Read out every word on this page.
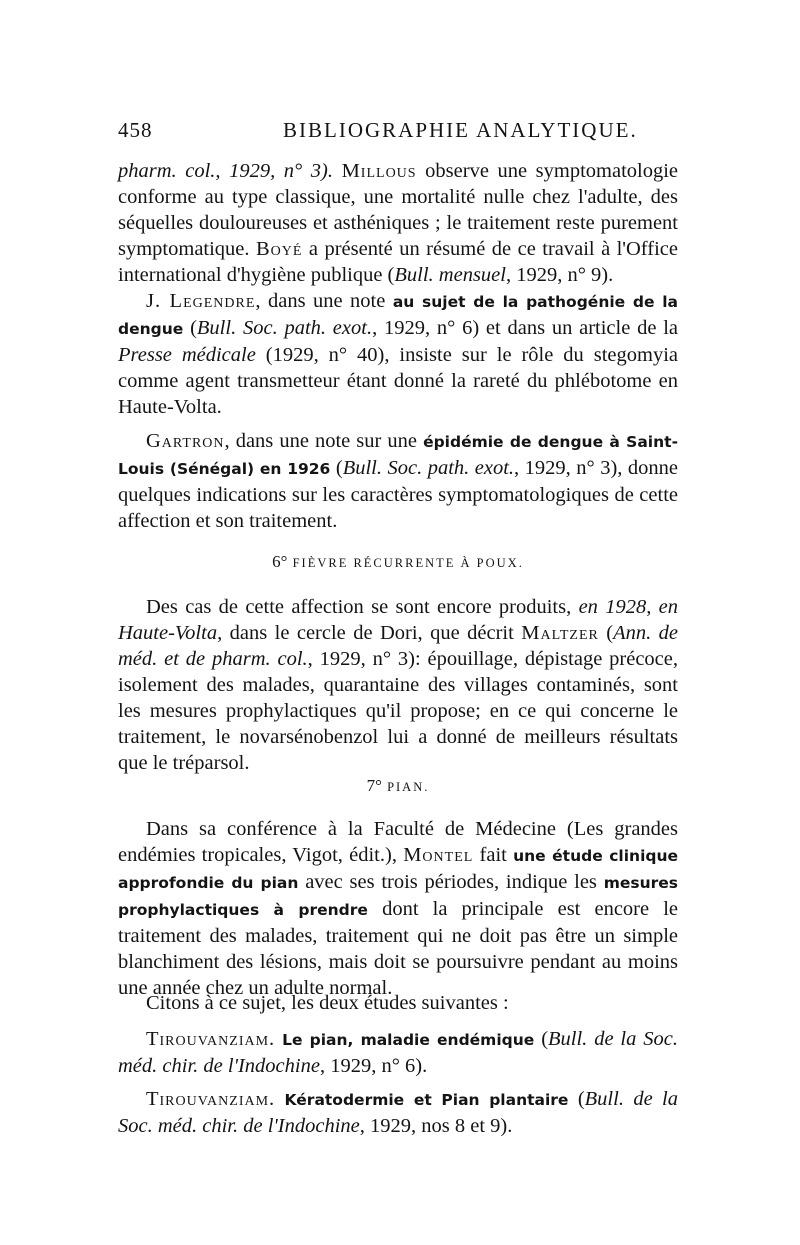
458	BIBLIOGRAPHIE ANALYTIQUE.

pharm. col., 1929, n° 3). Millous observe une symptomatologie conforme au type classique, une mortalité nulle chez l'adulte, des séquelles douloureuses et asthéniques ; le traitement reste purement symptomatique. Boyé a présenté un résumé de ce travail à l'Office international d'hygiène publique (Bull. mensuel, 1929, n° 9).

J. Legendre, dans une note au sujet de la pathogénie de la dengue (Bull. Soc. path. exot., 1929, n° 6) et dans un article de la Presse médicale (1929, n° 40), insiste sur le rôle du stegomyia comme agent transmetteur étant donné la rareté du phlébotome en Haute-Volta.

Gartron, dans une note sur une épidémie de dengue à Saint-Louis (Sénégal) en 1926 (Bull. Soc. path. exot., 1929, n° 3), donne quelques indications sur les caractères symptomatologiques de cette affection et son traitement.

6° FIÈVRE RÉCURRENTE À POUX.

Des cas de cette affection se sont encore produits, en 1928, en Haute-Volta, dans le cercle de Dori, que décrit Maltzer (Ann. de méd. et de pharm. col., 1929, n° 3): épouillage, dépistage précoce, isolement des malades, quarantaine des villages contaminés, sont les mesures prophylactiques qu'il propose; en ce qui concerne le traitement, le novarsénobenzol lui a donné de meilleurs résultats que le tréparsol.

7° PIAN.

Dans sa conférence à la Faculté de Médecine (Les grandes endémies tropicales, Vigot, édit.), Montel fait une étude clinique approfondie du pian avec ses trois périodes, indique les mesures prophylactiques à prendre dont la principale est encore le traitement des malades, traitement qui ne doit pas être un simple blanchiment des lésions, mais doit se poursuivre pendant au moins une année chez un adulte normal.

Citons à ce sujet, les deux études suivantes :

Tirouvanziam. Le pian, maladie endémique (Bull. de la Soc. méd. chir. de l'Indochine, 1929, n° 6).

Tirouvanziam. Kératodermie et Pian plantaire (Bull. de la Soc. méd. chir. de l'Indochine, 1929, nos 8 et 9).
